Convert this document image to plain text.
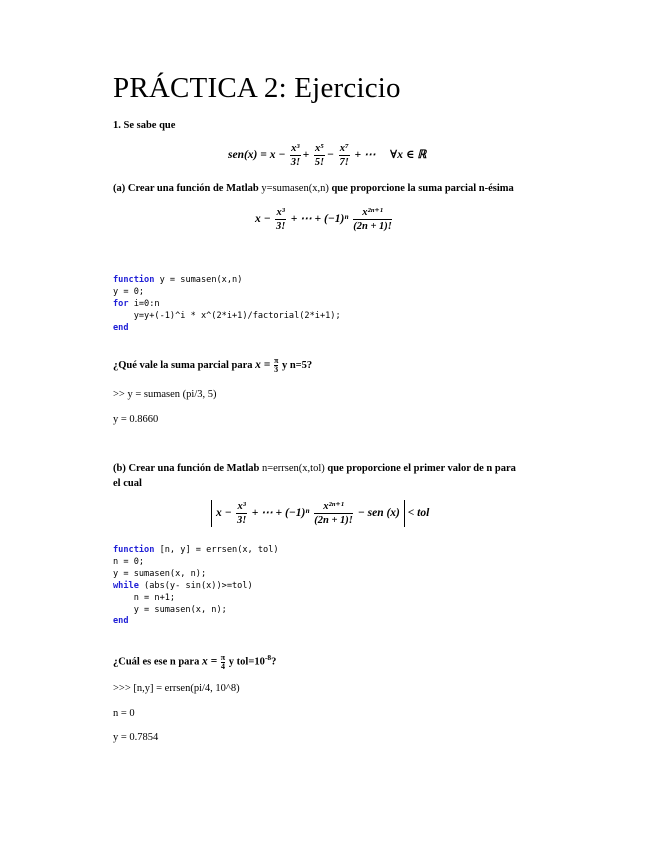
PRÁCTICA 2: Ejercicio
1. Se sabe que
$sen(x) = x - \frac{\text{x³}}{3!} + \frac{\text{x⁵}}{5!} - \frac{\text{x⁷}}{7!}$ + ⋯ ∀x ∈ ℝ
(a) Crear una función de Matlab y=sumasen(x,n) que proporcione la suma parcial n-ésima
$x - \frac{\text{x³}}{3!}$ + ⋯ + $(-1)^n \frac{\text{x²ⁿ⁺¹}}{(2n + 1)!}$
function y = sumasen(x,n)
y = 0;
for i=0:n
y=y+(-1)^i * x^(2*i+1)/factorial(2*i+1);
end
¿Qué vale la suma parcial para $x = \frac{\pi}{3}$ y n=5?
>> y = sumasen (pi/3, 5)
y = 0.8660
(b) Crear una función de Matlab n=errsen(x,tol) que proporcione el primer valor de n para
el cual
$x - \frac{\text{x³}}{3!}$ + ⋯ + $(-1)^n \frac{\text{x²ⁿ⁺¹}}{(2n + 1)!}$ − sen (x) < tol
function [n, y] = errsen(x, tol)
n = 0;
y = sumasen(x, n);
while (abs(y- sin(x))>=tol)
n = n+1;
y = sumasen(x, n);
end
¿Cuál es ese n para $x = \frac{\pi}{4}$ y $tol=10^{-8}$?
>>> [n,y] = errsen(pi/4, 10^8)
n = 0
y = 0.7854
